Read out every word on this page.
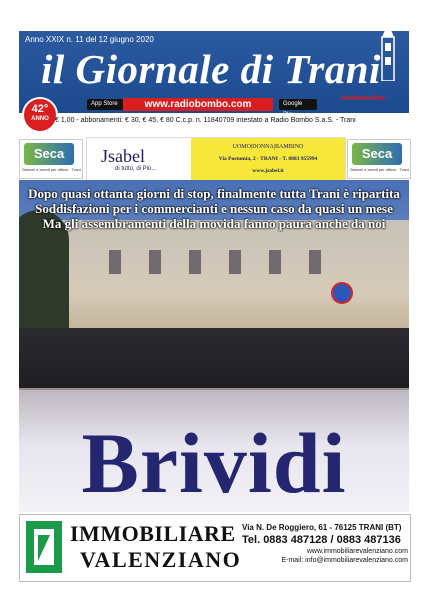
Anno XXIX n. 11 del 12 giugno 2020
il Giornale di Trani
42°
ANNO
App Store	www.radiobombo.com	Google Play
bombonoline
€ 1,00 - abbonamenti: € 30, € 45, € 80 C.c.p. n. 11840709 intestato a Radio Bombo S.a.S. - Trani
Seca
Sistemi e arredi per ufficio - Trani
Jsabel
di tutto, di Più...
UOMO|DONNA|BAMBINO
Via Postumia, 2 - TRANI - T. 0883 955994
www.jsabel.it
Seca
Sistemi e arredi per ufficio - Trani
Dopo quasi ottanta giorni di stop, finalmente tutta Trani è ripartita
Soddisfazioni per i commercianti e nessun caso da quasi un mese
Ma gli assembramenti della movida fanno paura anche da noi
Brividi
IMMOBILIARE
VALENZIANO
Via N. De Roggiero, 61 - 76125 TRANI (BT)
Tel. 0883 487128 / 0883 487136
www.immobiliarevalenziano.com
E-mail: info@immobiliarevalenziano.com
